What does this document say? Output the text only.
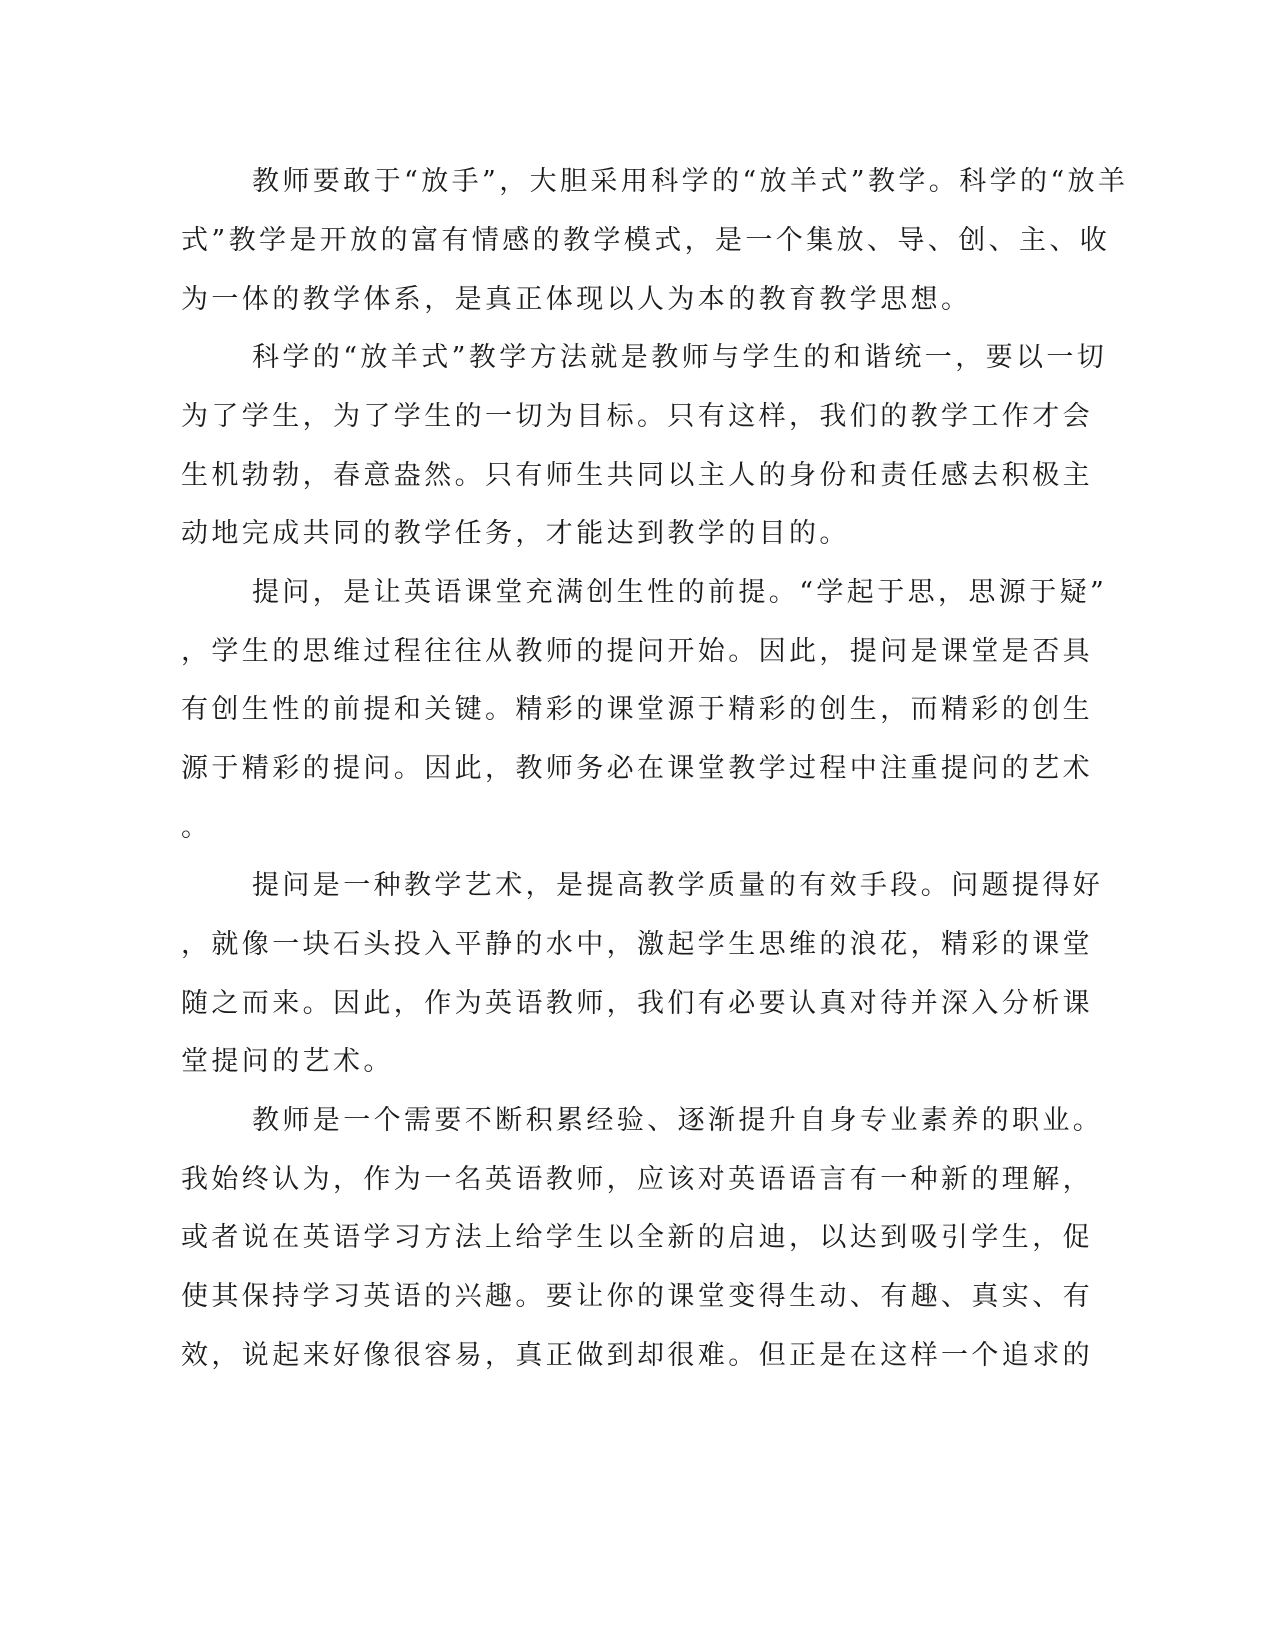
教师要敢于“放手”，大胆采用科学的“放羊式”教学。科学的“放羊
式”教学是开放的富有情感的教学模式，是一个集放、导、创、主、收
为一体的教学体系，是真正体现以人为本的教育教学思想。
科学的“放羊式”教学方法就是教师与学生的和谐统一，要以一切
为了学生，为了学生的一切为目标。只有这样，我们的教学工作才会
生机勃勃，春意盎然。只有师生共同以主人的身份和责任感去积极主
动地完成共同的教学任务，才能达到教学的目的。
提问，是让英语课堂充满创生性的前提。“学起于思，思源于疑”
，学生的思维过程往往从教师的提问开始。因此，提问是课堂是否具
有创生性的前提和关键。精彩的课堂源于精彩的创生，而精彩的创生
源于精彩的提问。因此，教师务必在课堂教学过程中注重提问的艺术
。
提问是一种教学艺术，是提高教学质量的有效手段。问题提得好
，就像一块石头投入平静的水中，激起学生思维的浪花，精彩的课堂
随之而来。因此，作为英语教师，我们有必要认真对待并深入分析课
堂提问的艺术。
教师是一个需要不断积累经验、逐渐提升自身专业素养的职业。
我始终认为，作为一名英语教师，应该对英语语言有一种新的理解，
或者说在英语学习方法上给学生以全新的启迪，以达到吸引学生，促
使其保持学习英语的兴趣。要让你的课堂变得生动、有趣、真实、有
效，说起来好像很容易，真正做到却很难。但正是在这样一个追求的
